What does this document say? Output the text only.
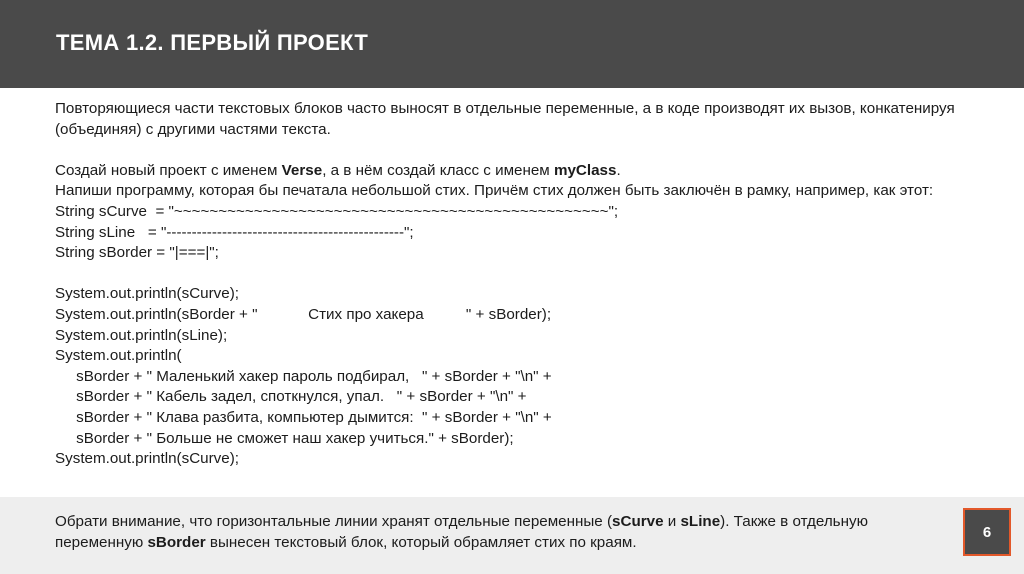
ТЕМА 1.2. ПЕРВЫЙ ПРОЕКТ
Повторяющиеся части текстовых блоков часто выносят в отдельные переменные, а в коде производят их вызов, конкатенируя (объединяя) с другими частями текста.
Создай новый проект с именем Verse, а в нём создай класс с именем myClass.
Напиши программу, которая бы печатала небольшой стих. Причём стих должен быть заключён в рамку, например, как этот:
String sCurve  = "~~~~~~~~~~~~~~~~~~~~~~~~~~~~~~~~~~~~~~~~~~~~~~~~~";
String sLine   = "-----------------------------------------------";
String sBorder = "|===|";
System.out.println(sCurve);
System.out.println(sBorder + "            Стих про хакера          " + sBorder);
System.out.println(sLine);
System.out.println(
sBorder + " Маленький хакер пароль подбирал,   " + sBorder + "\n" +
sBorder + " Кабель задел, споткнулся, упал.   " + sBorder + "\n" +
sBorder + " Клава разбита, компьютер дымится:  " + sBorder + "\n" +
sBorder + " Больше не сможет наш хакер учиться." + sBorder);
System.out.println(sCurve);
Обрати внимание, что горизонтальные линии хранят отдельные переменные (sCurve и sLine). Также в отдельную переменную sBorder вынесен текстовый блок, который обрамляет стих по краям.
6
